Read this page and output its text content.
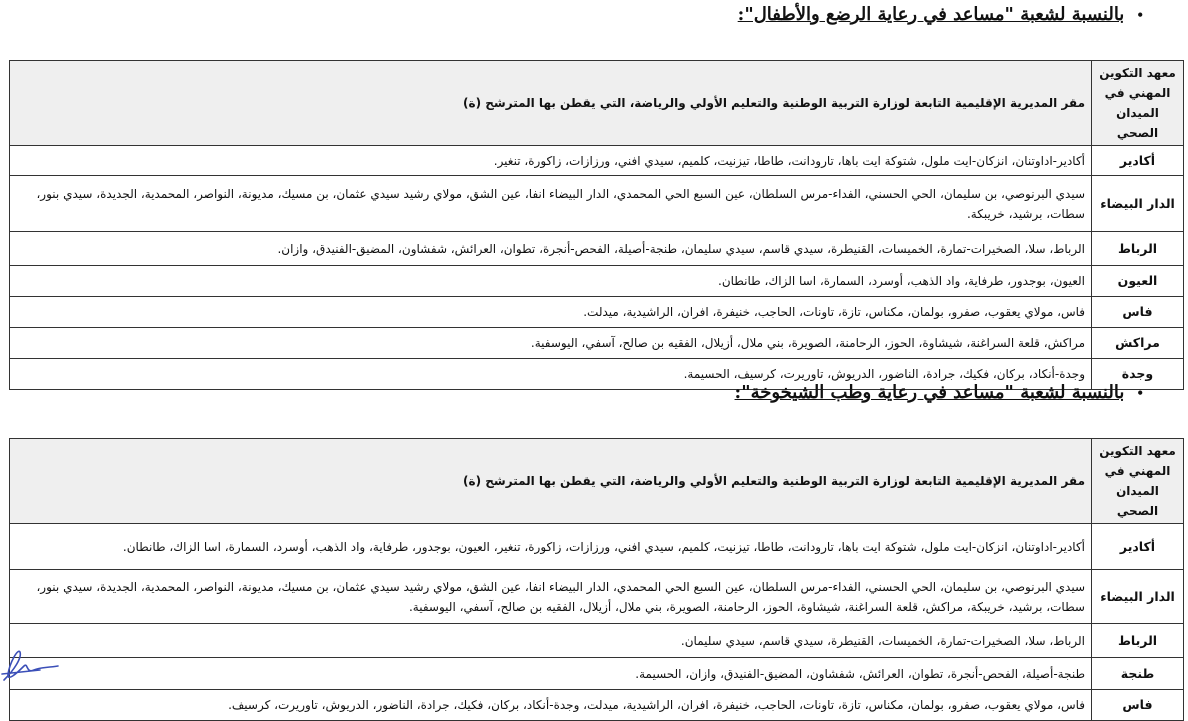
•بالنسبة لشعبة "مساعد في رعاية الرضع والأطفال":
معهد التكوين المهني في الميدان الصحي	مقر المديرية الإقليمية التابعة لوزارة التربية الوطنية والتعليم الأولي والرياضة، التي يقطن بها المترشح (ة)
أكادير	أكادير-اداوتنان، انزكان-ايت ملول، شتوكة ايت باها، تارودانت، طاطا، تيزنيت، كلميم، سيدي افني، ورزازات، زاكورة، تنغير.
الدار البيضاء	سيدي البرنوصي، بن سليمان، الحي الحسني، الفداء-مرس السلطان، عين السبع الحي المحمدي، الدار البيضاء انفا، عين الشق، مولاي رشيد سيدي عثمان، بن مسيك، مديونة، النواصر، المحمدية، الجديدة، سيدي بنور، سطات، برشيد، خريبكة.
الرباط	الرباط، سلا، الصخيرات-تمارة، الخميسات، القنيطرة، سيدي قاسم، سيدي سليمان، طنجة-أصيلة، الفحص-أنجرة، تطوان، العرائش، شفشاون، المضيق-الفنيدق، وازان.
العيون	العيون، بوجدور، طرفاية، واد الذهب، أوسرد، السمارة، اسا الزاك، طانطان.
فاس	فاس، مولاي يعقوب، صفرو، بولمان، مكناس، تازة، تاونات، الحاجب، خنيفرة، افران، الراشيدية، ميدلت.
مراكش	مراكش، قلعة السراغنة، شيشاوة، الحوز، الرحامنة، الصويرة، بني ملال، أزيلال، الفقيه بن صالح، آسفي، اليوسفية.
وجدة	وجدة-أنكاد، بركان، فكيك، جرادة، الناضور، الدريوش، تاوريرت، كرسيف، الحسيمة.
•بالنسبة لشعبة "مساعد في رعاية وطب الشيخوخة":
معهد التكوين المهني في الميدان الصحي	مقر المديرية الإقليمية التابعة لوزارة التربية الوطنية والتعليم الأولي والرياضة، التي يقطن بها المترشح (ة)
أكادير	أكادير-اداوتنان، انزكان-ايت ملول، شتوكة ايت باها، تارودانت، طاطا، تيزنيت، كلميم، سيدي افني، ورزازات، زاكورة، تنغير، العيون، بوجدور، طرفاية، واد الذهب، أوسرد، السمارة، اسا الزاك، طانطان.
الدار البيضاء	سيدي البرنوصي، بن سليمان، الحي الحسني، الفداء-مرس السلطان، عين السبع الحي المحمدي، الدار البيضاء انفا، عين الشق، مولاي رشيد سيدي عثمان، بن مسيك، مديونة، النواصر، المحمدية، الجديدة، سيدي بنور، سطات، برشيد، خريبكة، مراكش، قلعة السراغنة، شيشاوة، الحوز، الرحامنة، الصويرة، بني ملال، أزيلال، الفقيه بن صالح، آسفي، اليوسفية.
الرباط	الرباط، سلا، الصخيرات-تمارة، الخميسات، القنيطرة، سيدي قاسم، سيدي سليمان.
طنجة	طنجة-أصيلة، الفحص-أنجرة، تطوان، العرائش، شفشاون، المضيق-الفنيدق، وازان، الحسيمة.
فاس	فاس، مولاي يعقوب، صفرو، بولمان، مكناس، تازة، تاونات، الحاجب، خنيفرة، افران، الراشيدية، ميدلت، وجدة-أنكاد، بركان، فكيك، جرادة، الناضور، الدريوش، تاوريرت، كرسيف.
